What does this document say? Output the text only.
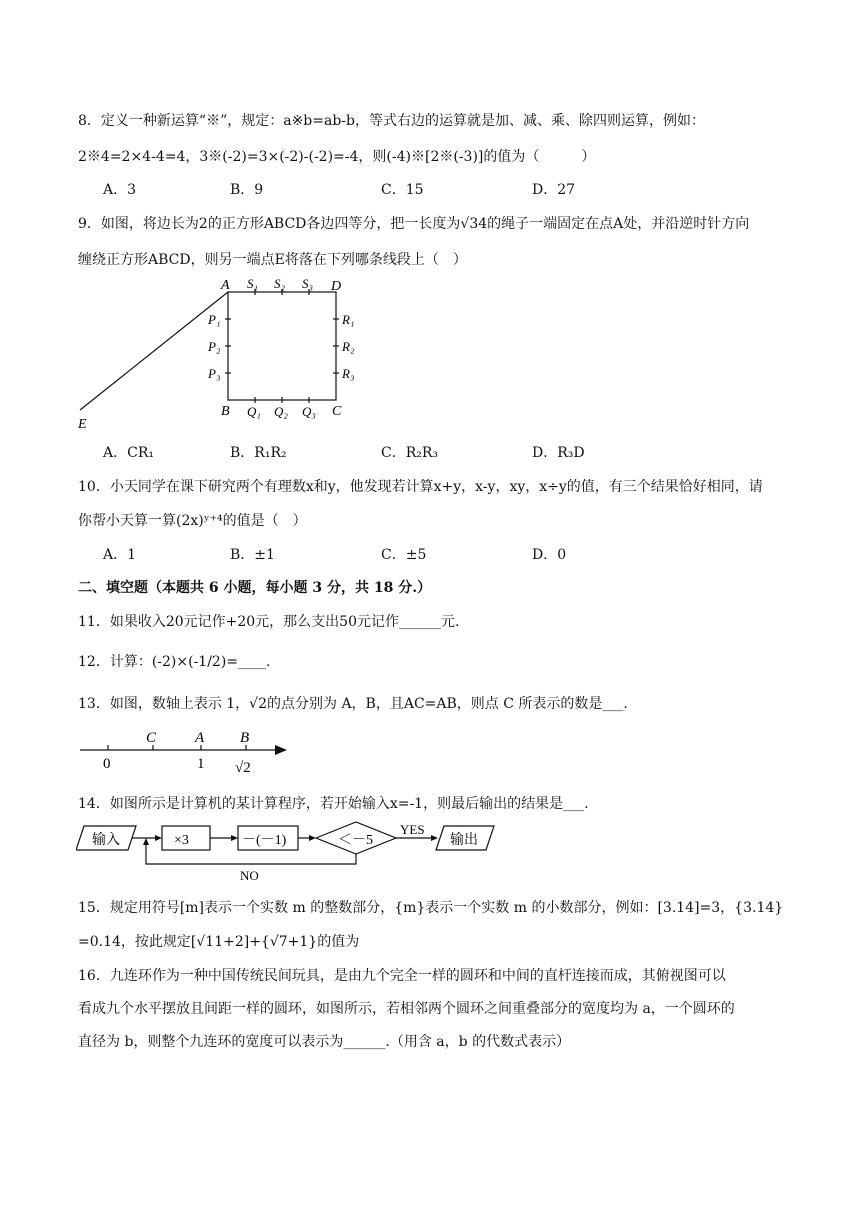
8．定义一种新运算“※”，规定：a※b=ab-b，等式右边的运算就是加、减、乘、除四则运算，例如：
2※4=2×4-4=4，3※(-2)=3×(-2)-(-2)=-4，则(-4)※[2※(-3)]的值为（　　　）
A．3	B．9	C．15	D．27
9．如图，将边长为2的正方形ABCD各边四等分，把一长度为√34的绳子一端固定在点A处，并沿逆时针方向
缠绕正方形ABCD，则另一端点E将落在下列哪条线段上（　）
A	D
B	C
E
S₁ S₂ S₃
P₁
P₂
P₃
R₁
R₂
R₃
Q₁ Q₂ Q₃
A．CR₁	B．R₁R₂	C．R₂R₃	D．R₃D
10．小天同学在课下研究两个有理数x和y，他发现若计算x+y，x-y，xy，x÷y的值，有三个结果恰好相同，请
你帮小天算一算(2x)ʸ⁺⁴的值是（　）
A．1	B．±1	C．±5	D．0
二、填空题（本题共 6 小题，每小题 3 分，共 18 分.）
11．如果收入20元记作+20元，那么支出50元记作______元.
12．计算：(-2)×(-1/2)=____.
13．如图，数轴上表示 1，√2的点分别为 A，B，且AC=AB，则点 C 所表示的数是___.
C	A B
0	1 √2
14．如图所示是计算机的某计算程序，若开始输入x=-1，则最后输出的结果是___.
输入	×3	－(－1)	＜－5
YES
输出
NO
15．规定用符号[m]表示一个实数 m 的整数部分，{m}表示一个实数 m 的小数部分，例如：[3.14]=3，{3.14}
=0.14，按此规定[√11+2]+{√7+1}的值为
16．九连环作为一种中国传统民间玩具，是由九个完全一样的圆环和中间的直杆连接而成，其俯视图可以
看成九个水平摆放且间距一样的圆环，如图所示，若相邻两个圆环之间重叠部分的宽度均为 a，一个圆环的
直径为 b，则整个九连环的宽度可以表示为______.（用含 a，b 的代数式表示）
